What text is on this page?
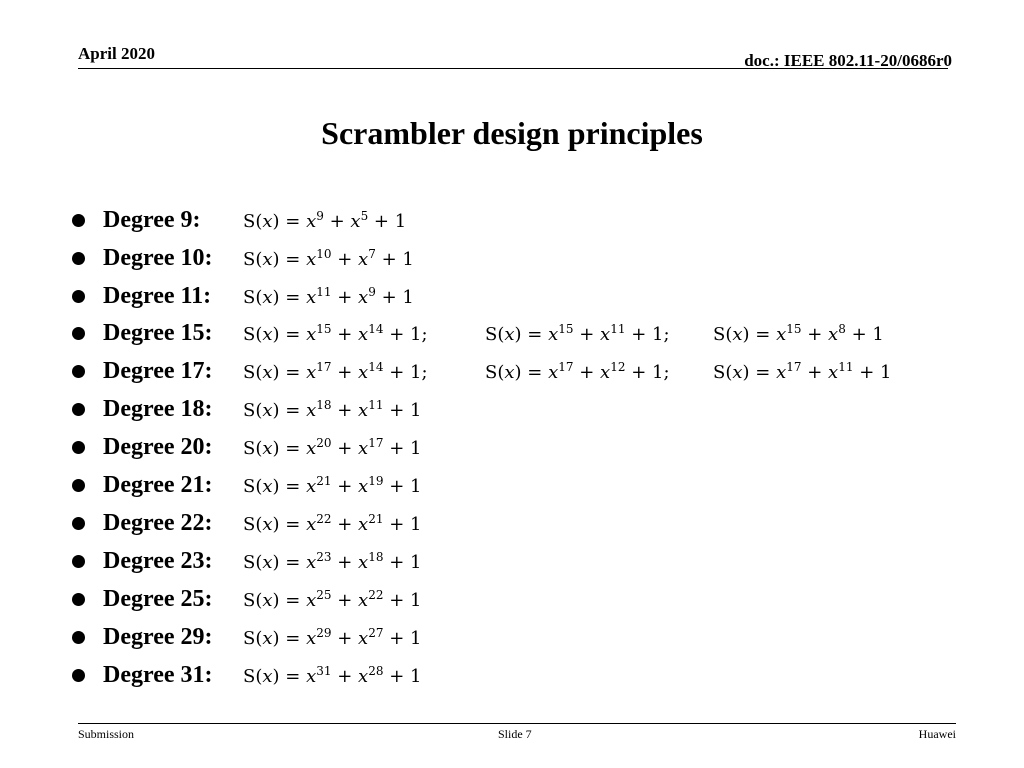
April 2020	doc.: IEEE 802.11-20/0686r0
Scrambler design principles
Degree 9: $S(x) = x^9 + x^5 + 1$
Degree 10: $S(x) = x^{10} + x^7 + 1$
Degree 11: $S(x) = x^{11} + x^9 + 1$
Degree 15: $S(x) = x^{15} + x^{14} + 1$;	$S(x) = x^{15} + x^{11} + 1$; $S(x) = x^{15} + x^8 + 1$
Degree 17: $S(x) = x^{17} + x^{14} + 1$;	$S(x) = x^{17} + x^{12} + 1$; $S(x) = x^{17} + x^{11} + 1$
Degree 18: $S(x) = x^{18} + x^{11} + 1$
Degree 20: $S(x) = x^{20} + x^{17} + 1$
Degree 21: $S(x) = x^{21} + x^{19} + 1$
Degree 22: $S(x) = x^{22} + x^{21} + 1$
Degree 23: $S(x) = x^{23} + x^{18} + 1$
Degree 25: $S(x) = x^{25} + x^{22} + 1$
Degree 29: $S(x) = x^{29} + x^{27} + 1$
Degree 31: $S(x) = x^{31} + x^{28} + 1$
Submission	Slide 7	Huawei
